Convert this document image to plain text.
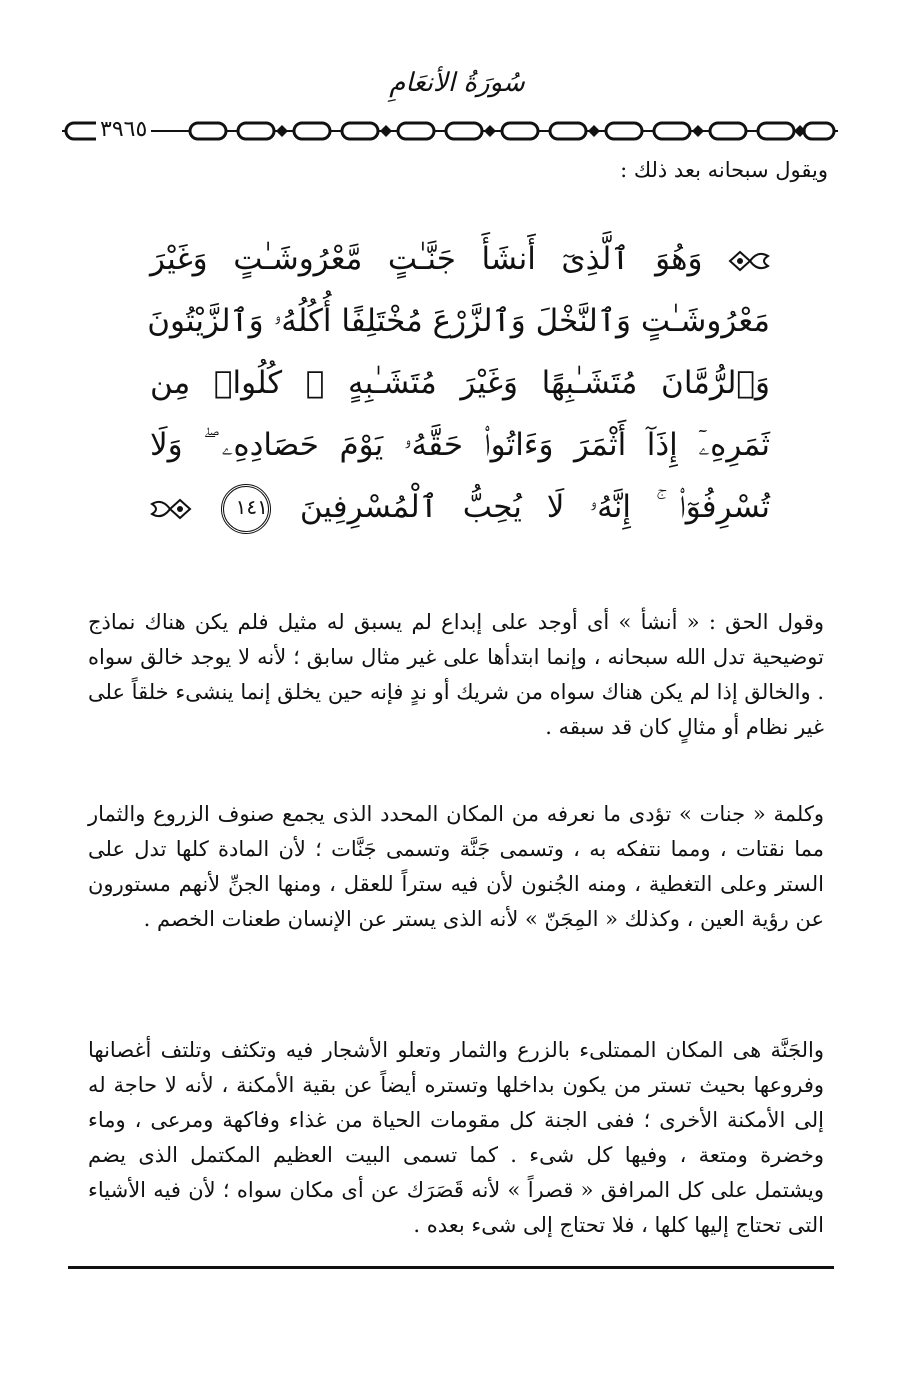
سُورَةُ الأنعَامِ
٣٩٦٥
ويقول سبحانه بعد ذلك :
وَهُوَ ٱلَّذِىٓ أَنشَأَ جَنَّـٰتٍ مَّعْرُوشَـٰتٍ وَغَيْرَ
مَعْرُوشَـٰتٍ وَٱلنَّخْلَ وَٱلزَّرْعَ مُخْتَلِفًا أُكُلُهُۥ وَٱلزَّيْتُونَ
وَٱلرُّمَّانَ مُتَشَـٰبِهًا وَغَيْرَ مُتَشَـٰبِهٍ ۚ كُلُوا۟ مِن
ثَمَرِهِۦٓ إِذَآ أَثْمَرَ وَءَاتُوا۟ حَقَّهُۥ يَوْمَ حَصَادِهِۦ ۖ وَلَا
تُسْرِفُوٓا۟ ۚ إِنَّهُۥ لَا يُحِبُّ ٱلْمُسْرِفِينَ ١٤١

وقول الحق : « أنشأ » أى أوجد على إبداع لم يسبق له مثيل فلم يكن هناك نماذج توضيحية تدل الله سبحانه ، وإنما ابتدأها على غير مثال سابق ؛ لأنه لا يوجد خالق سواه . والخالق إذا لم يكن هناك سواه من شريك أو ندٍ فإنه حين يخلق إنما ينشىء خلقاً على غير نظام أو مثالٍ كان قد سبقه .

وكلمة « جنات » تؤدى ما نعرفه من المكان المحدد الذى يجمع صنوف الزروع والثمار مما نقتات ، ومما نتفكه به ، وتسمى جَنَّة وتسمى جَنَّات ؛ لأن المادة كلها تدل على الستر وعلى التغطية ، ومنه الجُنون لأن فيه ستراً للعقل ، ومنها الجنِّ لأنهم مستورون عن رؤية العين ، وكذلك « المِجَنّ » لأنه الذى يستر عن الإنسان طعنات الخصم .

والجَنَّة هى المكان الممتلىء بالزرع والثمار وتعلو الأشجار فيه وتكثف وتلتف أغصانها وفروعها بحيث تستر من يكون بداخلها وتستره أيضاً عن بقية الأمكنة ، لأنه لا حاجة له إلى الأمكنة الأخرى ؛ ففى الجنة كل مقومات الحياة من غذاء وفاكهة ومرعى ، وماء وخضرة ومتعة ، وفيها كل شىء . كما تسمى البيت العظيم المكتمل الذى يضم ويشتمل على كل المرافق « قصراً » لأنه قَصَرَك عن أى مكان سواه ؛ لأن فيه الأشياء التى تحتاج إليها كلها ، فلا تحتاج إلى شىء بعده .
